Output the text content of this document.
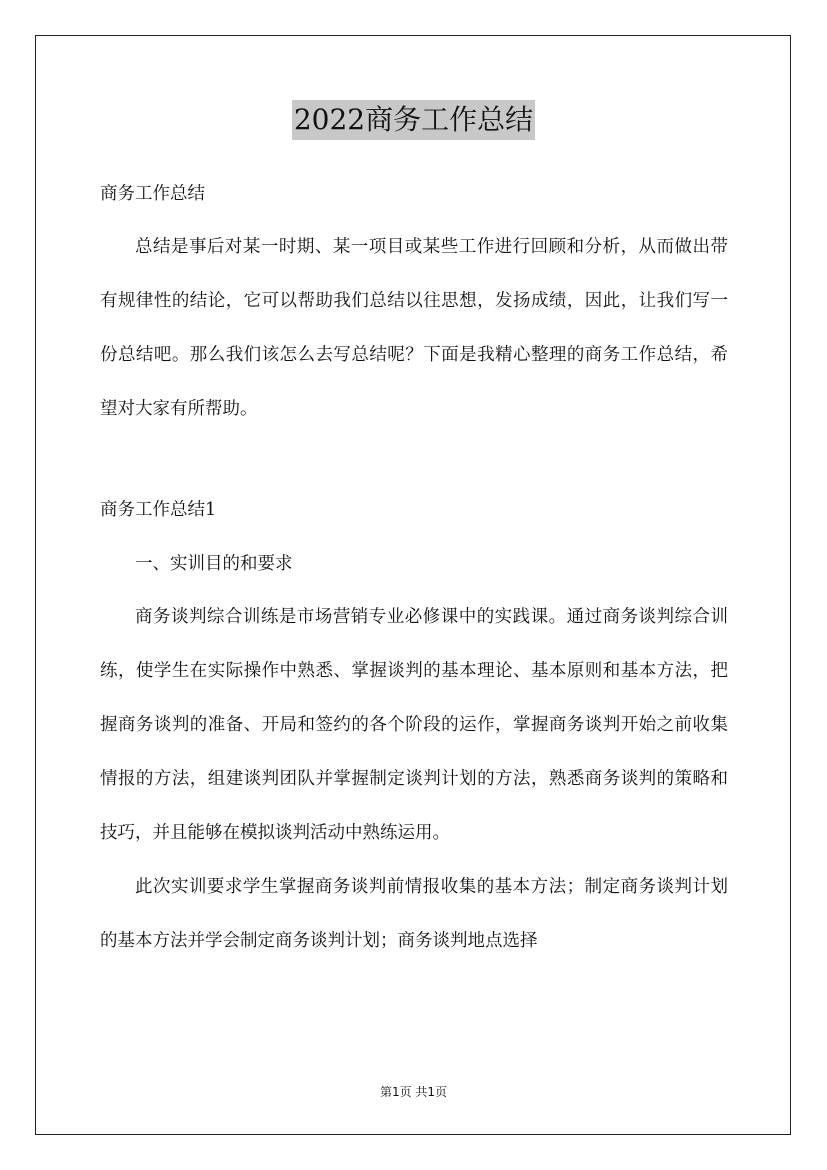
2022商务工作总结

商务工作总结

总结是事后对某一时期、某一项目或某些工作进行回顾和分析，从而做出带有规律性的结论，它可以帮助我们总结以往思想，发扬成绩，因此，让我们写一份总结吧。那么我们该怎么去写总结呢？下面是我精心整理的商务工作总结，希望对大家有所帮助。

商务工作总结1

一、实训目的和要求

商务谈判综合训练是市场营销专业必修课中的实践课。通过商务谈判综合训练，使学生在实际操作中熟悉、掌握谈判的基本理论、基本原则和基本方法，把握商务谈判的准备、开局和签约的各个阶段的运作，掌握商务谈判开始之前收集情报的方法，组建谈判团队并掌握制定谈判计划的方法，熟悉商务谈判的策略和技巧，并且能够在模拟谈判活动中熟练运用。

此次实训要求学生掌握商务谈判前情报收集的基本方法；制定商务谈判计划的基本方法并学会制定商务谈判计划；商务谈判地点选择

第1页 共1页
